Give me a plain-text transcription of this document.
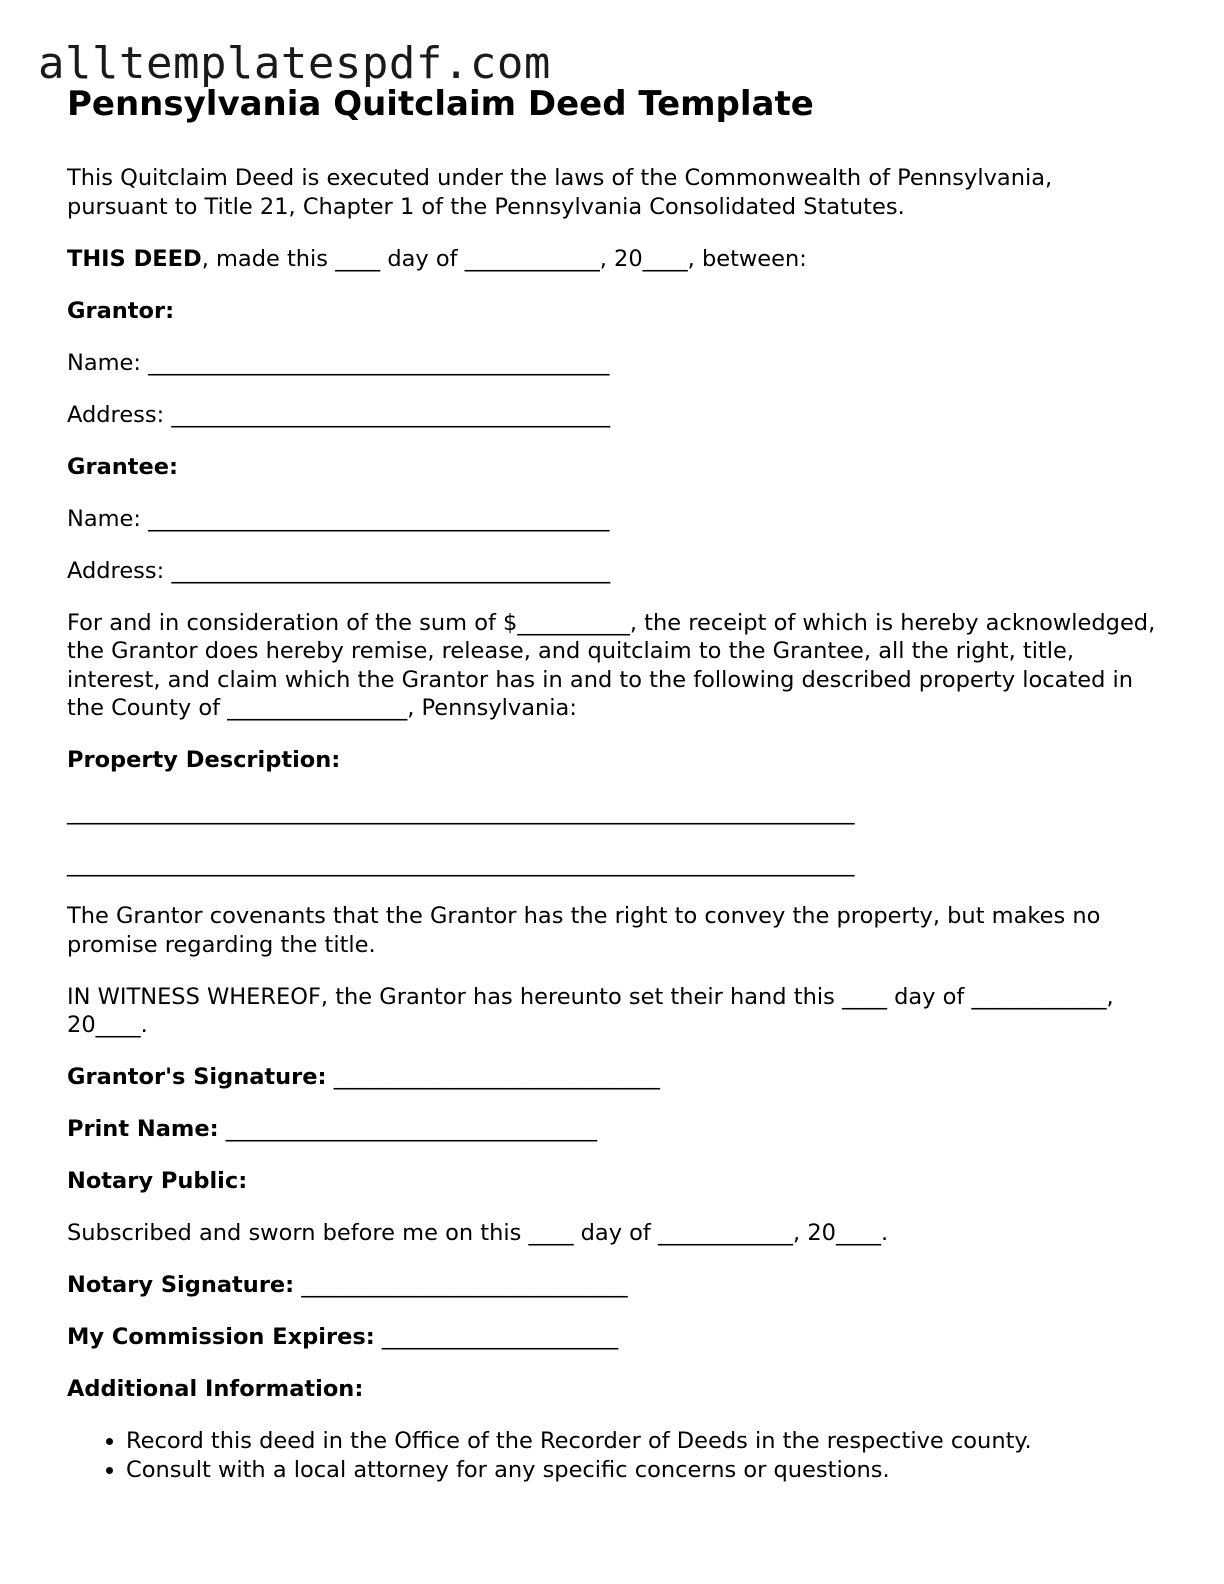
alltemplatespdf.com
Pennsylvania Quitclaim Deed Template

This Quitclaim Deed is executed under the laws of the Commonwealth of Pennsylvania, pursuant to Title 21, Chapter 1 of the Pennsylvania Consolidated Statutes.

THIS DEED, made this ____ day of ____________, 20____, between:

Grantor:

Name: _________________________________________

Address: _______________________________________

Grantee:

Name: _________________________________________

Address: _______________________________________

For and in consideration of the sum of $__________, the receipt of which is hereby acknowledged, the Grantor does hereby remise, release, and quitclaim to the Grantee, all the right, title, interest, and claim which the Grantor has in and to the following described property located in the County of ________________, Pennsylvania:

Property Description:

______________________________________________________________________

______________________________________________________________________

The Grantor covenants that the Grantor has the right to convey the property, but makes no promise regarding the title.

IN WITNESS WHEREOF, the Grantor has hereunto set their hand this ____ day of ____________, 20____.

Grantor's Signature: _____________________________

Print Name: _________________________________

Notary Public:

Subscribed and sworn before me on this ____ day of ____________, 20____.

Notary Signature: _____________________________

My Commission Expires: _____________________

Additional Information:

• Record this deed in the Office of the Recorder of Deeds in the respective county.
• Consult with a local attorney for any specific concerns or questions.
